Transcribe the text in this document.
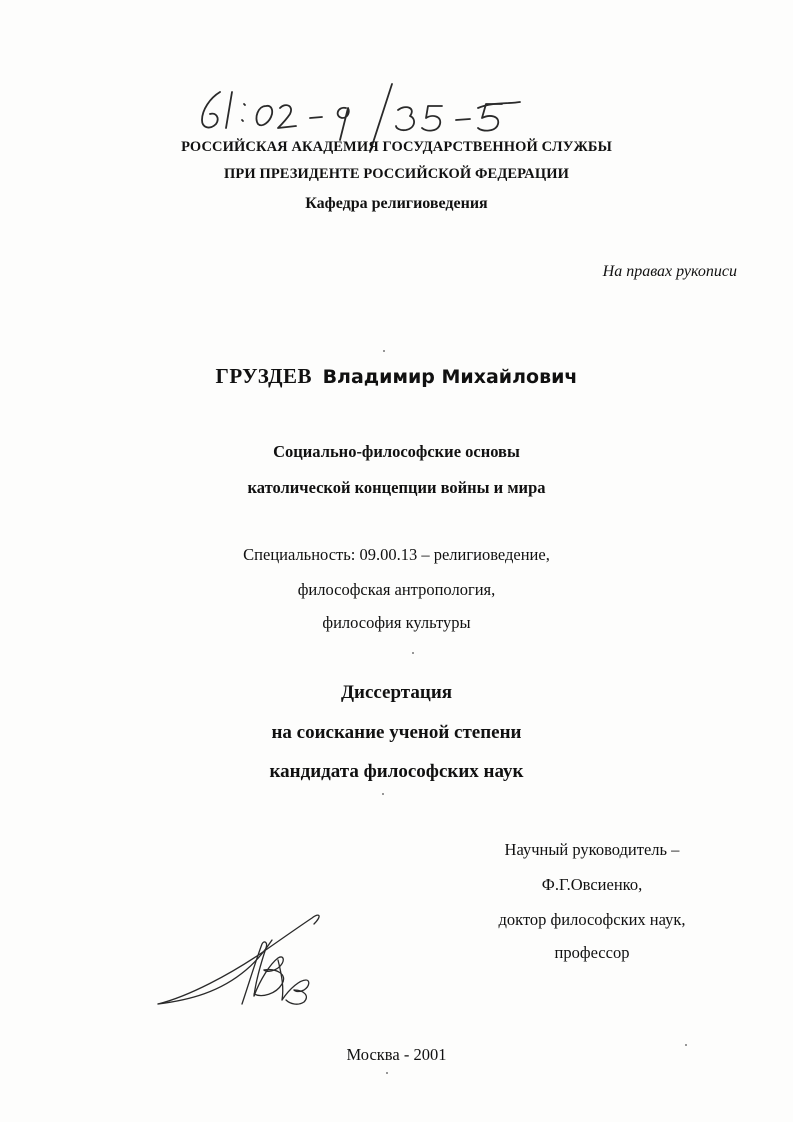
РОССИЙСКАЯ АКАДЕМИЯ ГОСУДАРСТВЕННОЙ СЛУЖБЫ
ПРИ ПРЕЗИДЕНТЕ РОССИЙСКОЙ ФЕДЕРАЦИИ
Кафедра религиоведения
На правах рукописи
ГРУЗДЕВ Владимир Михайлович
Социально-философские основы
католической концепции войны и мира
Специальность: 09.00.13 – религиоведение,
философская антропология,
философия культуры
Диссертация
на соискание ученой степени
кандидата философских наук
Научный руководитель –
Ф.Г.Овсиенко,
доктор философских наук,
профессор
Москва - 2001
